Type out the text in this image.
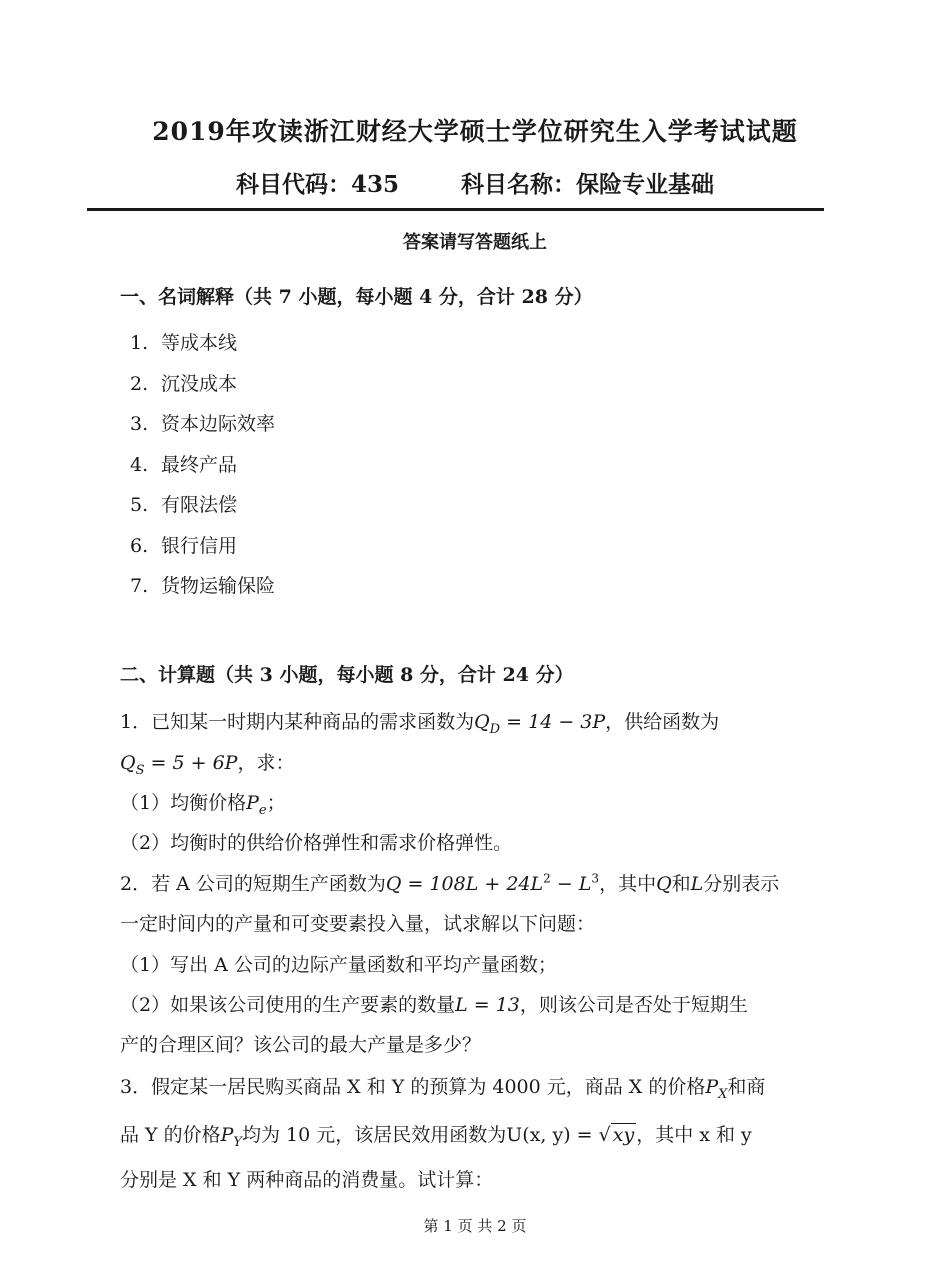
2019年攻读浙江财经大学硕士学位研究生入学考试试题
科目代码：435	科目名称：保险专业基础
答案请写答题纸上
一、名词解释（共 7 小题，每小题 4 分，合计 28 分）
1. 等成本线
2. 沉没成本
3. 资本边际效率
4. 最终产品
5. 有限法偿
6. 银行信用
7. 货物运输保险
二、计算题（共 3 小题，每小题 8 分，合计 24 分）
1．已知某一时期内某种商品的需求函数为$Q_D = 14 - 3P$，供给函数为
$Q_S = 5 + 6P$，求：
（1）均衡价格$P_e$；
（2）均衡时的供给价格弹性和需求价格弹性。
2．若 A 公司的短期生产函数为$Q = 108L + 24L^2 - L^3$，其中Q和L分别表示
一定时间内的产量和可变要素投入量，试求解以下问题：
（1）写出 A 公司的边际产量函数和平均产量函数；
（2）如果该公司使用的生产要素的数量L = 13，则该公司是否处于短期生
产的合理区间？该公司的最大产量是多少？
3．假定某一居民购买商品 X 和 Y 的预算为 4000 元，商品 X 的价格$P_X$和商
品 Y 的价格$P_Y$均为 10 元，该居民效用函数为U(x, y) = √ xy ，其中 x 和 y
分别是 X 和 Y 两种商品的消费量。试计算：
第 1 页 共 2 页
